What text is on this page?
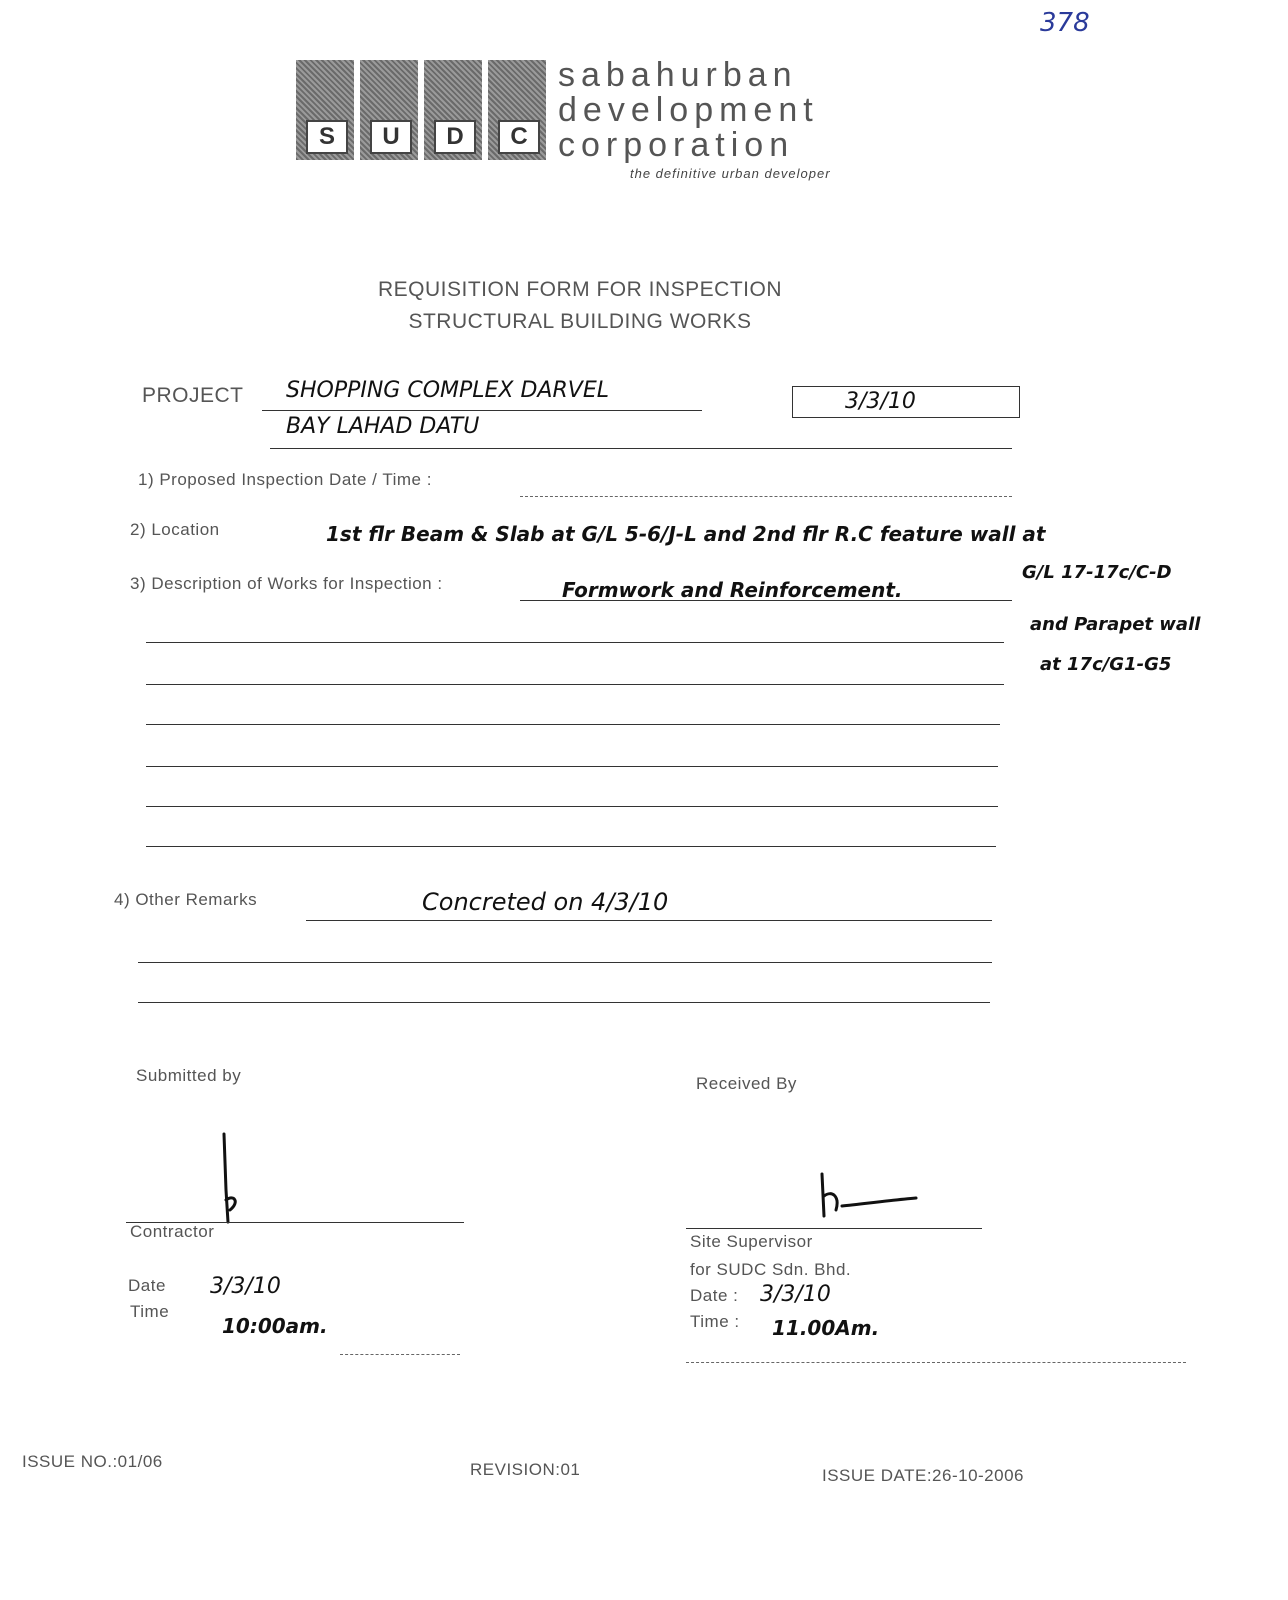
378
S	U	D	C
sabahurban
development
corporation
the definitive urban developer
REQUISITION FORM FOR INSPECTION
STRUCTURAL BUILDING WORKS
PROJECT SHOPPING COMPLEX DARVEL
BAY LAHAD DATU
3/3/10
1) Proposed Inspection Date / Time :
2) Location	1st flr Beam & Slab at G/L 5-6/J-L and 2nd flr R.C feature wall at
G/L 17-17c/C-D
and Parapet wall
at 17c/G1-G5
3) Description of Works for Inspection :	Formwork and Reinforcement.
4) Other Remarks	Concreted on 4/3/10
Submitted by
Contractor
Date 3/3/10
Time
10:00am.
Received By
Site Supervisor
for SUDC Sdn. Bhd.
Date : 3/3/10
Time : 11.00Am.
ISSUE NO.:01/06	REVISION:01	ISSUE DATE:26-10-2006
